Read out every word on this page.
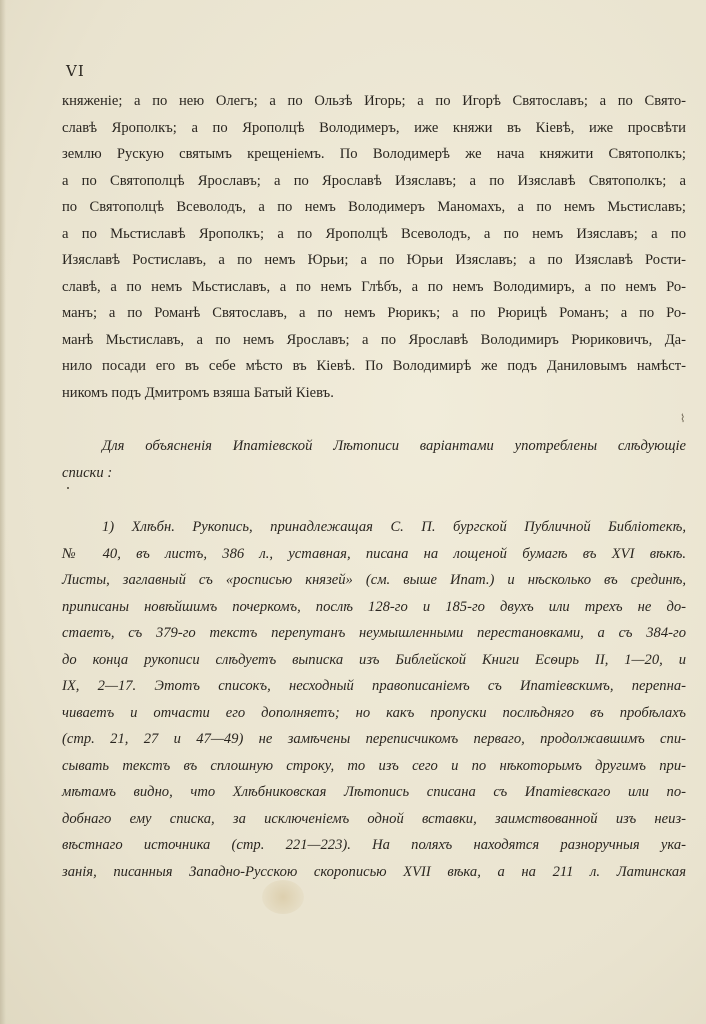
VI
княженіе; а по нею Олегъ; а по Ользѣ Игорь; а по Игорѣ Святославъ; а по Свято-
славѣ Ярополкъ; а по Ярополцѣ Володимеръ, иже княжи въ Кіевѣ, иже просвѣти
землю Рускую святымъ крещеніемъ. По Володимерѣ же нача княжити Святополкъ;
а по Святополцѣ Ярославъ; а по Ярославѣ Изяславъ; а по Изяславѣ Святополкъ; а
по Святополцѣ Всеволодъ, а по немъ Володимеръ Маномахъ, а по немъ Мьстиславъ;
а по Мьстиславѣ Ярополкъ; а по Ярополцѣ Всеволодъ, а по немъ Изяславъ; а по
Изяславѣ Ростиславъ, а по немъ Юрьи; а по Юрьи Изяславъ; а по Изяславѣ Рости-
славѣ, а по немъ Мьстиславъ, а по немъ Глѣбъ, а по немъ Володимиръ, а по немъ Ро-
манъ; а по Романѣ Святославъ, а по немъ Рюрикъ; а по Рюрицѣ Романъ; а по Ро-
манѣ Мьстиславъ, а по немъ Ярославъ; а по Ярославѣ Володимиръ Рюриковичъ, Да-
нило посади его въ себе мѣсто въ Кіевѣ. По Володимирѣ же подъ Даниловымъ намѣст-
никомъ подъ Дмитромъ взяша Батый Кіевъ.
⌇
Для объясненія Ипатіевской Лѣтописи варіантами употреблены слѣдующіе
списки :
1) Хлѣбн. Рукопись, принадлежащая С. П. бургской Публичной Библіотекѣ,
№ 40, въ листъ, 386 л., уставная, писана на лощеной бумагѣ въ XVI вѣкѣ.
Листы, заглавный съ «росписью князей» (см. выше Ипат.) и нѣсколько въ срединѣ,
приписаны новѣйшимъ почеркомъ, послѣ 128-го и 185-го двухъ или трехъ не до-
стаетъ, съ 379-го текстъ перепутанъ неумышленными перестановками, а съ 384-го
до конца рукописи слѣдуетъ выписка изъ Библейской Книги Есѳирь II, 1—20, и
IX, 2—17. Этотъ списокъ, несходный правописаніемъ съ Ипатіевскимъ, перепна-
чиваетъ и отчасти его дополняетъ; но какъ пропуски послѣдняго въ пробѣлахъ
(стр. 21, 27 и 47—49) не замѣчены переписчикомъ перваго, продолжавшимъ спи-
сывать текстъ въ сплошную строку, то изъ сего и по нѣкоторымъ другимъ при-
мѣтамъ видно, что Хлѣбниковская Лѣтопись списана съ Ипатіевскаго или по-
добнаго ему списка, за исключеніемъ одной вставки, заимствованной изъ неиз-
вѣстнаго источника (стр. 221—223). На поляхъ находятся разноручныя ука-
занія, писанныя Западно-Русскою скорописью XVII вѣка, а на 211 л. Латинская
